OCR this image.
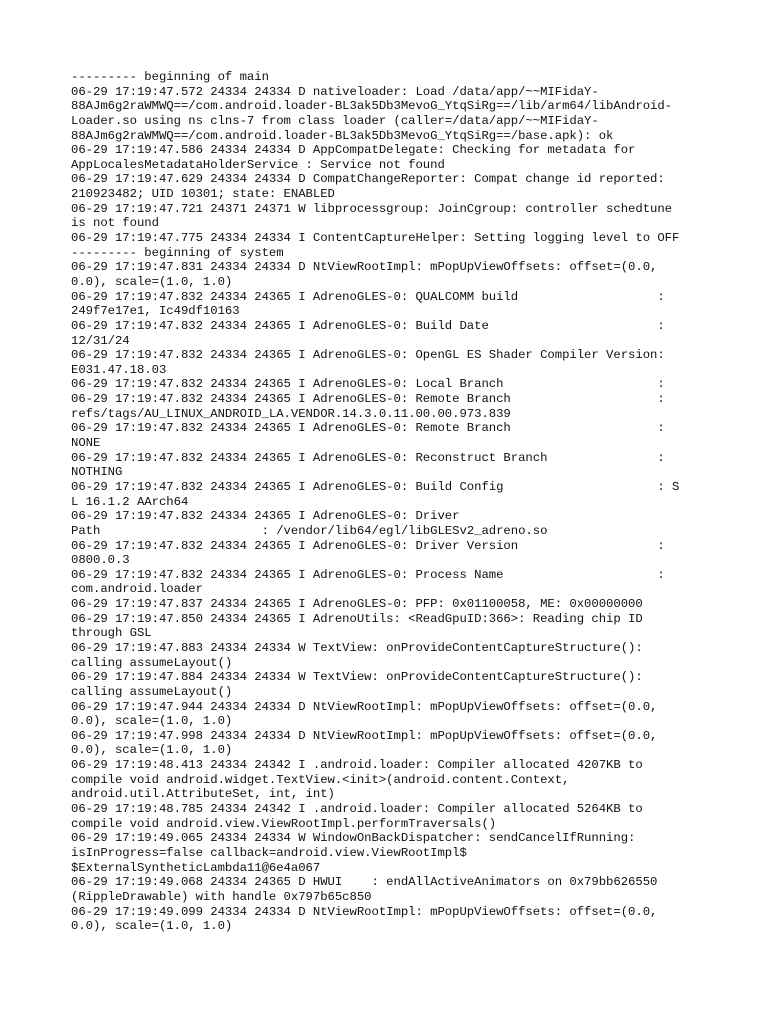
--------- beginning of main
06-29 17:19:47.572 24334 24334 D nativeloader: Load /data/app/~~MIFidaY-
88AJm6g2raWMWQ==/com.android.loader-BL3ak5Db3MevoG_YtqSiRg==/lib/arm64/libAndroid-
Loader.so using ns clns-7 from class loader (caller=/data/app/~~MIFidaY-
88AJm6g2raWMWQ==/com.android.loader-BL3ak5Db3MevoG_YtqSiRg==/base.apk): ok
06-29 17:19:47.586 24334 24334 D AppCompatDelegate: Checking for metadata for
AppLocalesMetadataHolderService : Service not found
06-29 17:19:47.629 24334 24334 D CompatChangeReporter: Compat change id reported:
210923482; UID 10301; state: ENABLED
06-29 17:19:47.721 24371 24371 W libprocessgroup: JoinCgroup: controller schedtune
is not found
06-29 17:19:47.775 24334 24334 I ContentCaptureHelper: Setting logging level to OFF
--------- beginning of system
06-29 17:19:47.831 24334 24334 D NtViewRootImpl: mPopUpViewOffsets: offset=(0.0,
0.0), scale=(1.0, 1.0)
06-29 17:19:47.832 24334 24365 I AdrenoGLES-0: QUALCOMM build                   :
249f7e17e1, Ic49df10163
06-29 17:19:47.832 24334 24365 I AdrenoGLES-0: Build Date                       :
12/31/24
06-29 17:19:47.832 24334 24365 I AdrenoGLES-0: OpenGL ES Shader Compiler Version:
E031.47.18.03
06-29 17:19:47.832 24334 24365 I AdrenoGLES-0: Local Branch                     :
06-29 17:19:47.832 24334 24365 I AdrenoGLES-0: Remote Branch                    :
refs/tags/AU_LINUX_ANDROID_LA.VENDOR.14.3.0.11.00.00.973.839
06-29 17:19:47.832 24334 24365 I AdrenoGLES-0: Remote Branch                    :
NONE
06-29 17:19:47.832 24334 24365 I AdrenoGLES-0: Reconstruct Branch               :
NOTHING
06-29 17:19:47.832 24334 24365 I AdrenoGLES-0: Build Config                     : S
L 16.1.2 AArch64
06-29 17:19:47.832 24334 24365 I AdrenoGLES-0: Driver
Path                      : /vendor/lib64/egl/libGLESv2_adreno.so
06-29 17:19:47.832 24334 24365 I AdrenoGLES-0: Driver Version                   :
0800.0.3
06-29 17:19:47.832 24334 24365 I AdrenoGLES-0: Process Name                     :
com.android.loader
06-29 17:19:47.837 24334 24365 I AdrenoGLES-0: PFP: 0x01100058, ME: 0x00000000
06-29 17:19:47.850 24334 24365 I AdrenoUtils: <ReadGpuID:366>: Reading chip ID
through GSL
06-29 17:19:47.883 24334 24334 W TextView: onProvideContentCaptureStructure():
calling assumeLayout()
06-29 17:19:47.884 24334 24334 W TextView: onProvideContentCaptureStructure():
calling assumeLayout()
06-29 17:19:47.944 24334 24334 D NtViewRootImpl: mPopUpViewOffsets: offset=(0.0,
0.0), scale=(1.0, 1.0)
06-29 17:19:47.998 24334 24334 D NtViewRootImpl: mPopUpViewOffsets: offset=(0.0,
0.0), scale=(1.0, 1.0)
06-29 17:19:48.413 24334 24342 I .android.loader: Compiler allocated 4207KB to
compile void android.widget.TextView.<init>(android.content.Context,
android.util.AttributeSet, int, int)
06-29 17:19:48.785 24334 24342 I .android.loader: Compiler allocated 5264KB to
compile void android.view.ViewRootImpl.performTraversals()
06-29 17:19:49.065 24334 24334 W WindowOnBackDispatcher: sendCancelIfRunning:
isInProgress=false callback=android.view.ViewRootImpl$
$ExternalSyntheticLambda11@6e4a067
06-29 17:19:49.068 24334 24365 D HWUI    : endAllActiveAnimators on 0x79bb626550
(RippleDrawable) with handle 0x797b65c850
06-29 17:19:49.099 24334 24334 D NtViewRootImpl: mPopUpViewOffsets: offset=(0.0,
0.0), scale=(1.0, 1.0)
